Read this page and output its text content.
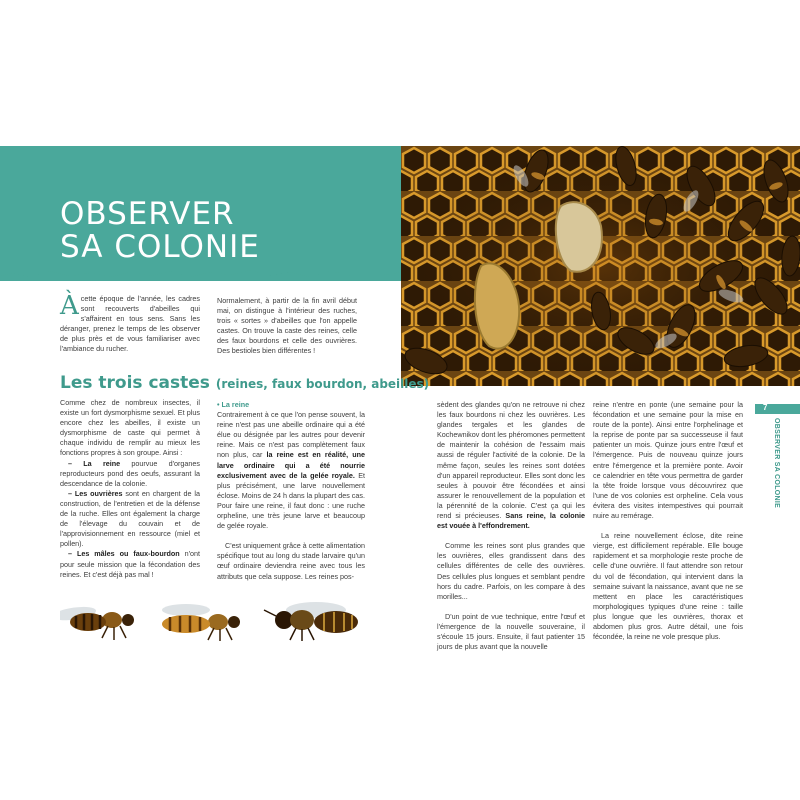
OBSERVER
SA COLONIE
Àcette époque de l'année, les cadres sont recouverts d'abeilles qui s'affairent en tous sens. Sans les déranger, prenez le temps de les observer de plus près et de vous familiariser avec l'ambiance du rucher.

Normalement, à partir de la fin avril début mai, on distingue à l'intérieur des ruches, trois « sortes » d'abeilles que l'on appelle castes. On trouve la caste des reines, celle des faux bourdons et celle des ouvrières. Des bestioles bien différentes !

Les trois castes (reines, faux bourdon, abeilles)

Comme chez de nombreux insectes, il existe un fort dysmorphisme sexuel. Et plus encore chez les abeilles, il existe un dysmorphisme de caste qui permet à chaque individu de remplir au mieux les fonctions propres à son groupe. Ainsi :

– La reine pourvue d'organes reproducteurs pond des oeufs, assurant la descendance de la colonie.

– Les ouvrières sont en chargent de la construction, de l'entretien et de la défense de la ruche. Elles ont également la charge de l'élevage du couvain et de l'approvisionnement en ressource (miel et pollen).

– Les mâles ou faux-bourdon n'ont pour seule mission que la fécondation des reines. Et c'est déjà pas mal !

• La reine

Contrairement à ce que l'on pense souvent, la reine n'est pas une abeille ordinaire qui a été élue ou désignée par les autres pour devenir reine. Mais ce n'est pas complètement faux non plus, car la reine est en réalité, une larve ordinaire qui a été nourrie exclusivement avec de la gelée royale. Et plus précisément, une larve nouvellement éclose. Moins de 24 h dans la plupart des cas. Pour faire une reine, il faut donc : une ruche orpheline, une très jeune larve et beaucoup de gelée royale.

C'est uniquement grâce à cette alimentation spécifique tout au long du stade larvaire qu'un œuf ordinaire deviendra reine avec tous les attributs que cela suppose. Les reines pos-

sèdent des glandes qu'on ne retrouve ni chez les faux bourdons ni chez les ouvrières. Les glandes tergales et les glandes de Kochewnikov dont les phéromones permettent de maintenir la cohésion de l'essaim mais aussi de réguler l'activité de la colonie. De la même façon, seules les reines sont dotées d'un appareil reproducteur. Elles sont donc les seules à pouvoir être fécondées et ainsi assurer le renouvellement de la population et la pérennité de la colonie. C'est ça qui les rend si précieuses. Sans reine, la colonie est vouée à l'effondrement.

Comme les reines sont plus grandes que les ouvrières, elles grandissent dans des cellules différentes de celle des ouvrières. Des cellules plus longues et semblant pendre hors du cadre. Parfois, on les compare à des morilles...

D'un point de vue technique, entre l'œuf et l'émergence de la nouvelle souveraine, il s'écoule 15 jours. Ensuite, il faut patienter 15 jours de plus avant que la nouvelle

reine n'entre en ponte (une semaine pour la fécondation et une semaine pour la mise en route de la ponte). Ainsi entre l'orphelinage et la reprise de ponte par sa successeuse il faut patienter un mois. Quinze jours entre l'œuf et l'émergence. Puis de nouveau quinze jours entre l'émergence et la première ponte. Avoir ce calendrier en tête vous permettra de garder la tête froide lorsque vous découvrirez que l'une de vos colonies est orpheline. Cela vous évitera des visites intempestives qui pourrait nuire au remérage.

La reine nouvellement éclose, dite reine vierge, est difficilement repérable. Elle bouge rapidement et sa morphologie reste proche de celle d'une ouvrière. Il faut attendre son retour du vol de fécondation, qui intervient dans la semaine suivant la naissance, avant que ne se mettent en place les caractéristiques morphologiques typiques d'une reine : taille plus longue que les ouvrières, thorax et abdomen plus gros. Autre détail, une fois fécondée, la reine ne vole presque plus.

7
OBSERVER SA COLONIE
